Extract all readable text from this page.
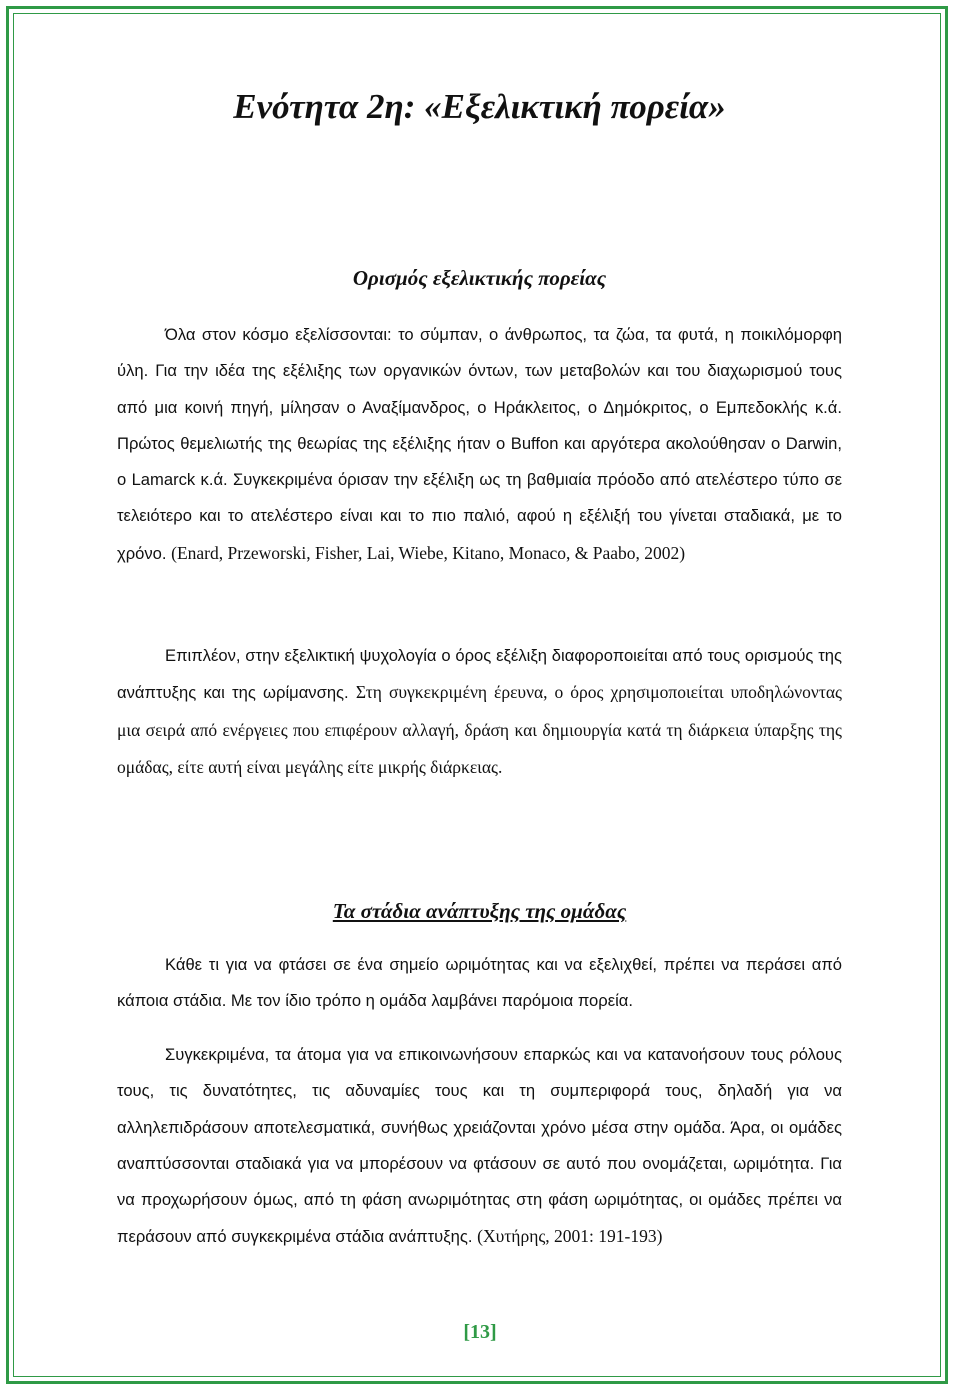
Ενότητα 2η: «Εξελικτική πορεία»
Ορισμός εξελικτικής πορείας

Όλα στον κόσμο εξελίσσονται: το σύμπαν, ο άνθρωπος, τα ζώα, τα φυτά, η ποικιλόμορφη ύλη. Για την ιδέα της εξέλιξης των οργανικών όντων, των μεταβολών και του διαχωρισμού τους από μια κοινή πηγή, μίλησαν ο Αναξίμανδρος, ο Ηράκλειτος, ο Δημόκριτος, ο Εμπεδοκλής κ.ά. Πρώτος θεμελιωτής της θεωρίας της εξέλιξης ήταν ο Buffon και αργότερα ακολούθησαν ο Darwin, ο Lamarck κ.ά. Συγκεκριμένα όρισαν την εξέλιξη ως τη βαθμιαία πρόοδο από ατελέστερο τύπο σε τελειότερο και το ατελέστερο είναι και το πιο παλιό, αφού η εξέλιξή του γίνεται σταδιακά, με το χρόνο. (Enard, Przeworski, Fisher, Lai, Wiebe, Kitano, Monaco, & Paabo, 2002)

Επιπλέον, στην εξελικτική ψυχολογία ο όρος εξέλιξη διαφοροποιείται από τους ορισμούς της ανάπτυξης και της ωρίμανσης. Στη συγκεκριμένη έρευνα, ο όρος χρησιμοποιείται υποδηλώνοντας μια σειρά από ενέργειες που επιφέρουν αλλαγή, δράση και δημιουργία κατά τη διάρκεια ύπαρξης της ομάδας, είτε αυτή είναι μεγάλης είτε μικρής διάρκειας.

Τα στάδια ανάπτυξης της ομάδας

Κάθε τι για να φτάσει σε ένα σημείο ωριμότητας και να εξελιχθεί, πρέπει να περάσει από κάποια στάδια. Με τον ίδιο τρόπο η ομάδα λαμβάνει παρόμοια πορεία.

Συγκεκριμένα, τα άτομα για να επικοινωνήσουν επαρκώς και να κατανοήσουν τους ρόλους τους, τις δυνατότητες, τις αδυναμίες τους και τη συμπεριφορά τους, δηλαδή για να αλληλεπιδράσουν αποτελεσματικά, συνήθως χρειάζονται χρόνο μέσα στην ομάδα. Άρα, οι ομάδες αναπτύσσονται σταδιακά για να μπορέσουν να φτάσουν σε αυτό που ονομάζεται, ωριμότητα. Για να προχωρήσουν όμως, από τη φάση ανωριμότητας στη φάση ωριμότητας, οι ομάδες πρέπει να περάσουν από συγκεκριμένα στάδια ανάπτυξης. (Χυτήρης, 2001: 191-193)

[13]
